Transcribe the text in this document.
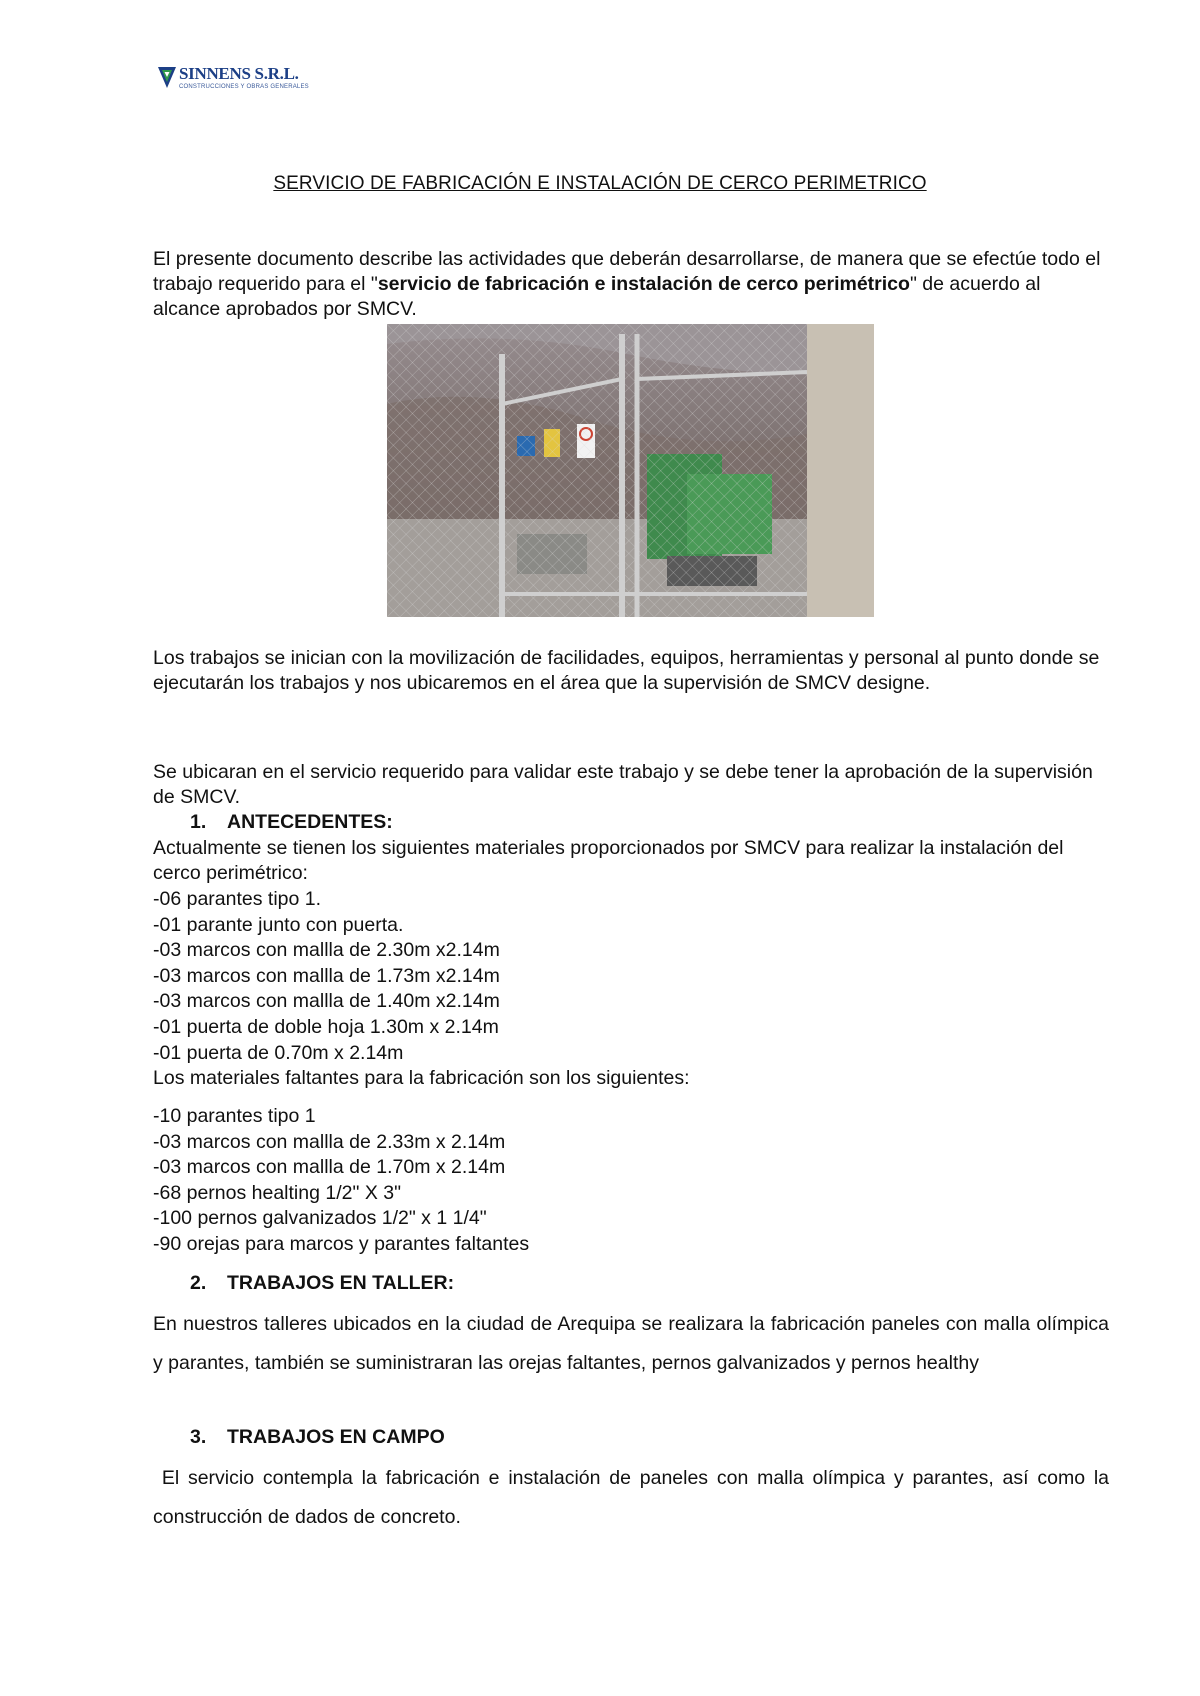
SINNENS S.R.L.
CONSTRUCCIONES Y OBRAS GENERALES
SERVICIO DE FABRICACIÓN E INSTALACIÓN DE CERCO PERIMETRICO
El presente documento describe las actividades que deberán desarrollarse, de manera que se efectúe todo el trabajo requerido para el "servicio de fabricación e instalación de cerco perimétrico" de acuerdo al alcance aprobados por SMCV.
Los trabajos se inician con la movilización de facilidades, equipos, herramientas y personal al punto donde se ejecutarán los trabajos y nos ubicaremos en el área que la supervisión de SMCV designe.
Se ubicaran en el servicio requerido para validar este trabajo y se debe tener la aprobación de la supervisión de SMCV.
1. ANTECEDENTES:
Actualmente se tienen los siguientes materiales proporcionados por SMCV para realizar la instalación del cerco perimétrico:
-06 parantes tipo 1.
-01 parante junto con puerta.
-03 marcos con mallla de 2.30m x2.14m
-03 marcos con mallla de 1.73m x2.14m
-03 marcos con mallla de 1.40m x2.14m
-01 puerta de doble hoja 1.30m x 2.14m
-01 puerta de 0.70m x 2.14m
Los materiales faltantes para la fabricación son los siguientes:
-10 parantes tipo 1
-03 marcos con mallla de 2.33m x 2.14m
-03 marcos con mallla de 1.70m x 2.14m
-68 pernos healting 1/2" X 3"
-100 pernos galvanizados 1/2" x 1 1/4"
-90 orejas para marcos y parantes faltantes
2. TRABAJOS EN TALLER:
En nuestros talleres ubicados en la ciudad de Arequipa se realizara la fabricación paneles con malla olímpica y parantes, también se suministraran las orejas faltantes, pernos galvanizados y pernos healthy
3. TRABAJOS EN CAMPO
El servicio contempla la fabricación e instalación de paneles con malla olímpica y parantes, así como la construcción de dados de concreto.
